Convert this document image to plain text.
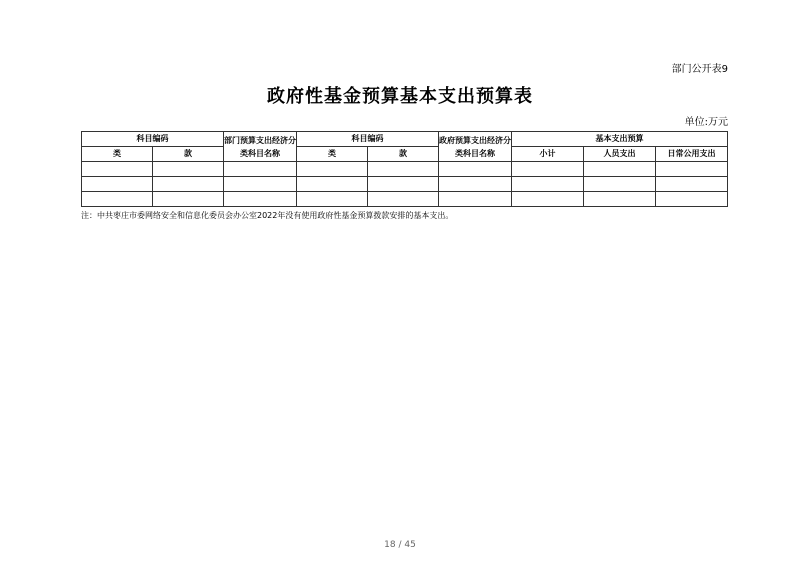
部门公开表9
政府性基金预算基本支出预算表
单位:万元
科目编码		部门预算支出经济分类科目名称	科目编码		政府预算支出经济分类科目名称	基本支出预算		
类	款		类	款		小计	人员支出	日常公用支出

注：中共枣庄市委网络安全和信息化委员会办公室2022年没有使用政府性基金预算拨款安排的基本支出。
18 / 45
